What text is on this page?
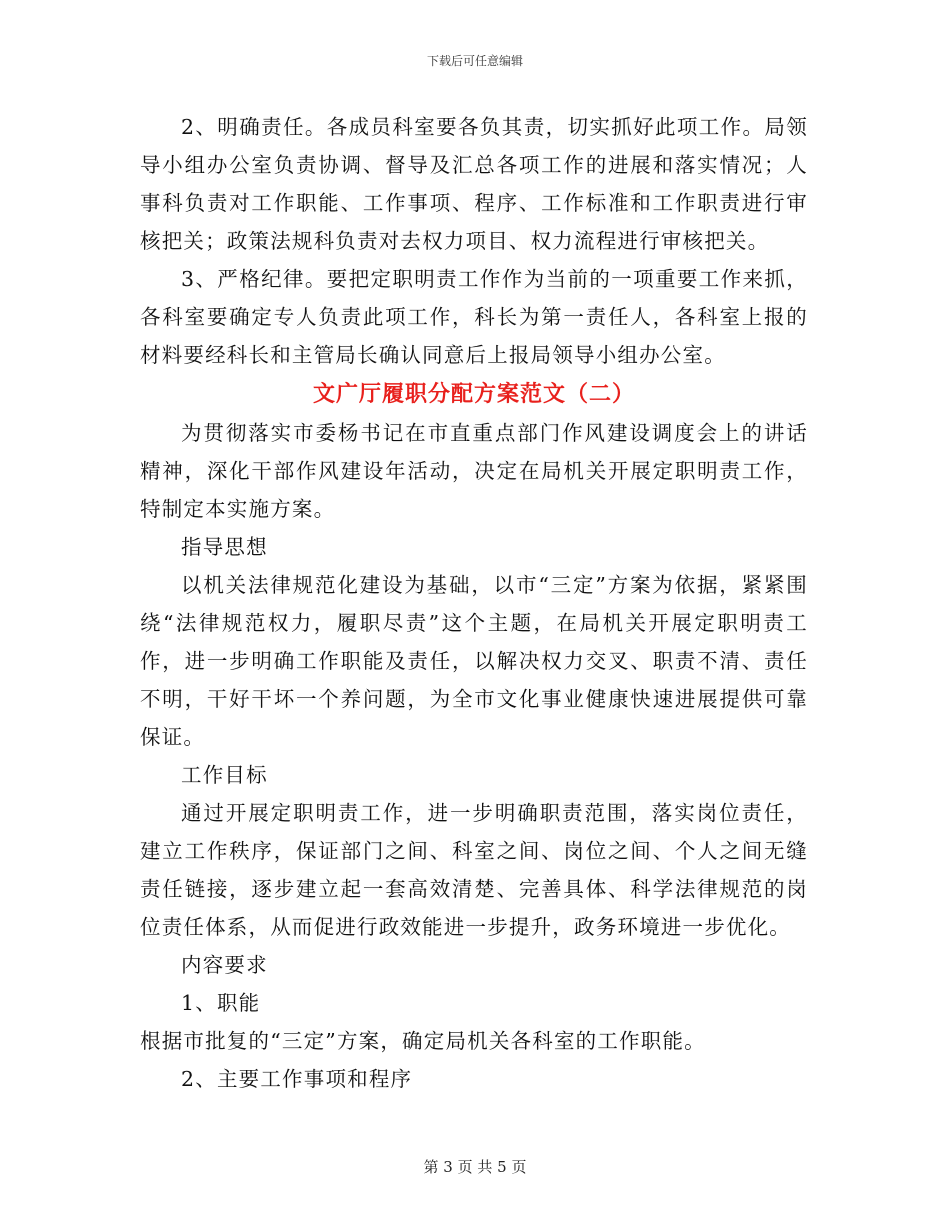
下载后可任意编辑

2、明确责任。各成员科室要各负其责，切实抓好此项工作。局领导小组办公室负责协调、督导及汇总各项工作的进展和落实情况；人事科负责对工作职能、工作事项、程序、工作标准和工作职责进行审核把关；政策法规科负责对去权力项目、权力流程进行审核把关。

3、严格纪律。要把定职明责工作作为当前的一项重要工作来抓，各科室要确定专人负责此项工作，科长为第一责任人，各科室上报的材料要经科长和主管局长确认同意后上报局领导小组办公室。

文广厅履职分配方案范文（二）

为贯彻落实市委杨书记在市直重点部门作风建设调度会上的讲话精神，深化干部作风建设年活动，决定在局机关开展定职明责工作，特制定本实施方案。

指导思想

以机关法律规范化建设为基础，以市“三定”方案为依据，紧紧围绕“法律规范权力，履职尽责”这个主题，在局机关开展定职明责工作，进一步明确工作职能及责任，以解决权力交叉、职责不清、责任不明，干好干坏一个养问题，为全市文化事业健康快速进展提供可靠保证。

工作目标

通过开展定职明责工作，进一步明确职责范围，落实岗位责任，建立工作秩序，保证部门之间、科室之间、岗位之间、个人之间无缝责任链接，逐步建立起一套高效清楚、完善具体、科学法律规范的岗位责任体系，从而促进行政效能进一步提升，政务环境进一步优化。

内容要求

1、职能

根据市批复的“三定”方案，确定局机关各科室的工作职能。

2、主要工作事项和程序

第 3 页 共 5 页
